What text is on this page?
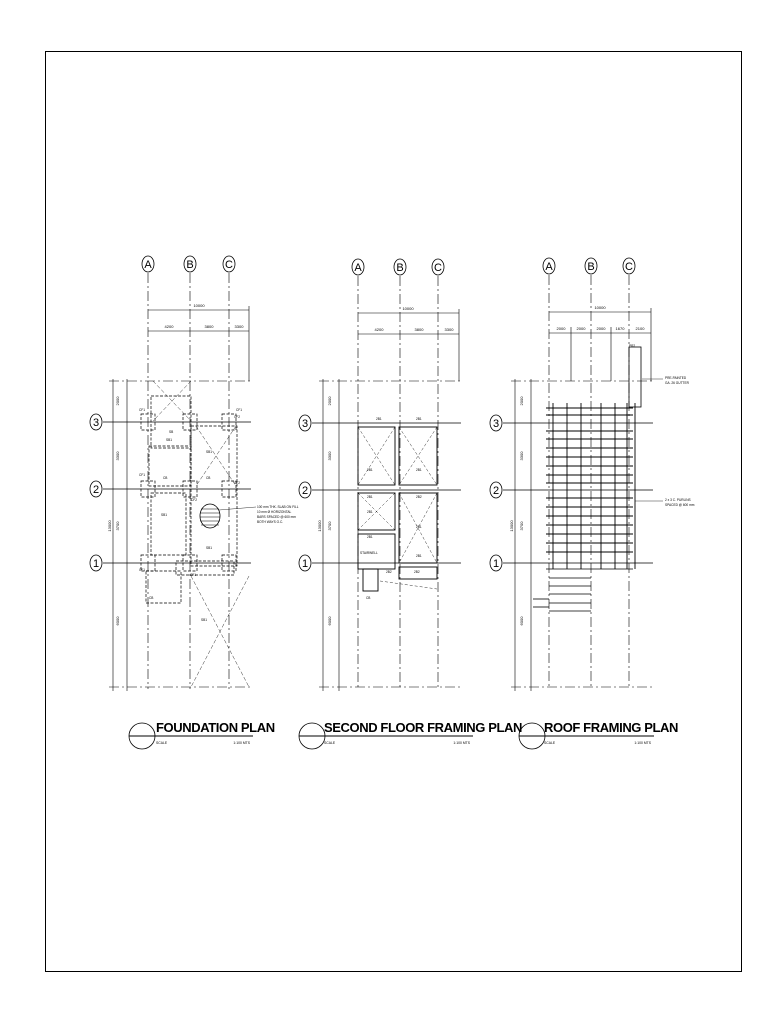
A	B	C
10000
4200	3800	3300
3
2
1
2000
3300
13000 3700
6000
CF1	CF1
CF2
CF1
CF1
CF2
CF1
CF2
SB1
SB1
CB	CB
SB1
SB1
SB1
CB
SB
100 mm THK. SLAB ON FILL
10 mm Ø HORIZONTAL
BARS SPACED @ 600 mm
BOTH WAYS O.C.
FOUNDATION PLAN
SCALE	1:100 MTS
A	B	C
10000
4200	3800	3300
3
2
1
2000
3300
13000 3700
6000
2B1	2B1
2B1	2B1
2B1
2B2
2B1
2B1
2B1
2B1
2B2	2B2
CB
STAIRWELL
SECOND FLOOR FRAMING PLAN
SCALE	1:100 MTS
A	B	C
10000
2000	2000	2000	1670	2100
3
2
1
2000
3300
13000 3700
6000
PR2
PRE-PAINTED
GA. 26 GUTTER
2 x 3 C. PURLINS
SPACED @ 600 mm
ROOF FRAMING PLAN
SCALE	1:100 MTS
